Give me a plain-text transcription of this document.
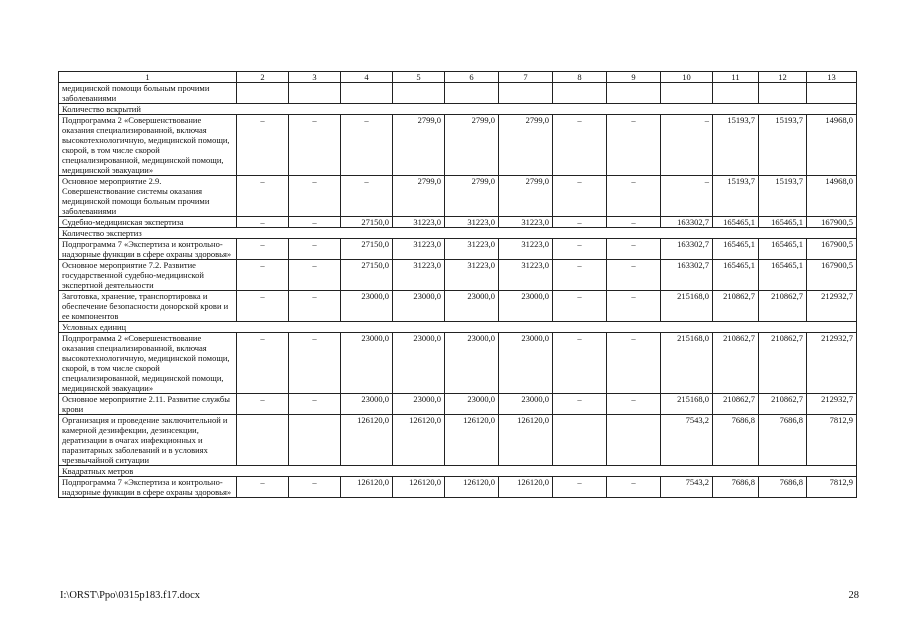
1	2	3	4	5	6	7	8	9	10	11	12	13
медицинской помощи больным прочими заболеваниями												
Количество вскрытий												
Подпрограмма 2 «Совершенствование оказания специализированной, включая высокотехнологичную, медицинской помощи, скорой, в том числе скорой специализированной, медицинской помощи, медицинской эвакуации»	–	–	–	2799,0	2799,0	2799,0	–	–	–	15193,7	15193,7	14968,0
Основное мероприятие 2.9. Совершенствование системы оказания медицинской помощи больным прочими заболеваниями	–	–	–	2799,0	2799,0	2799,0	–	–	–	15193,7	15193,7	14968,0
Судебно-медицинская экспертиза	–	–	27150,0	31223,0	31223,0	31223,0	–	–	163302,7	165465,1	165465,1	167900,5
Количество экспертиз												
Подпрограмма 7 «Экспертиза и контрольно-надзорные функции в сфере охраны здоровья»	–	–	27150,0	31223,0	31223,0	31223,0	–	–	163302,7	165465,1	165465,1	167900,5
Основное мероприятие 7.2. Развитие государственной судебно-медицинской экспертной деятельности	–	–	27150,0	31223,0	31223,0	31223,0	–	–	163302,7	165465,1	165465,1	167900,5
Заготовка, хранение, транспортировка и обеспечение безопасности донорской крови и ее компонентов	–	–	23000,0	23000,0	23000,0	23000,0	–	–	215168,0	210862,7	210862,7	212932,7
Условных единиц												
Подпрограмма 2 «Совершенствование оказания специализированной, включая высокотехнологичную, медицинской помощи, скорой, в том числе скорой специализированной, медицинской помощи, медицинской эвакуации»	–	–	23000,0	23000,0	23000,0	23000,0	–	–	215168,0	210862,7	210862,7	212932,7
Основное мероприятие 2.11. Развитие службы крови	–	–	23000,0	23000,0	23000,0	23000,0	–	–	215168,0	210862,7	210862,7	212932,7
Организация и проведение заключительной и камерной дезинфекции, дезинсекции, дератизации в очагах инфекционных и паразитарных заболеваний и в условиях чрезвычайной ситуации			126120,0	126120,0	126120,0	126120,0			7543,2	7686,8	7686,8	7812,9
Квадратных метров												
Подпрограмма 7 «Экспертиза и контрольно-надзорные функции в сфере охраны здоровья»	–	–	126120,0	126120,0	126120,0	126120,0	–	–	7543,2	7686,8	7686,8	7812,9
I:\ORST\Ppo\0315p183.f17.docx	28
